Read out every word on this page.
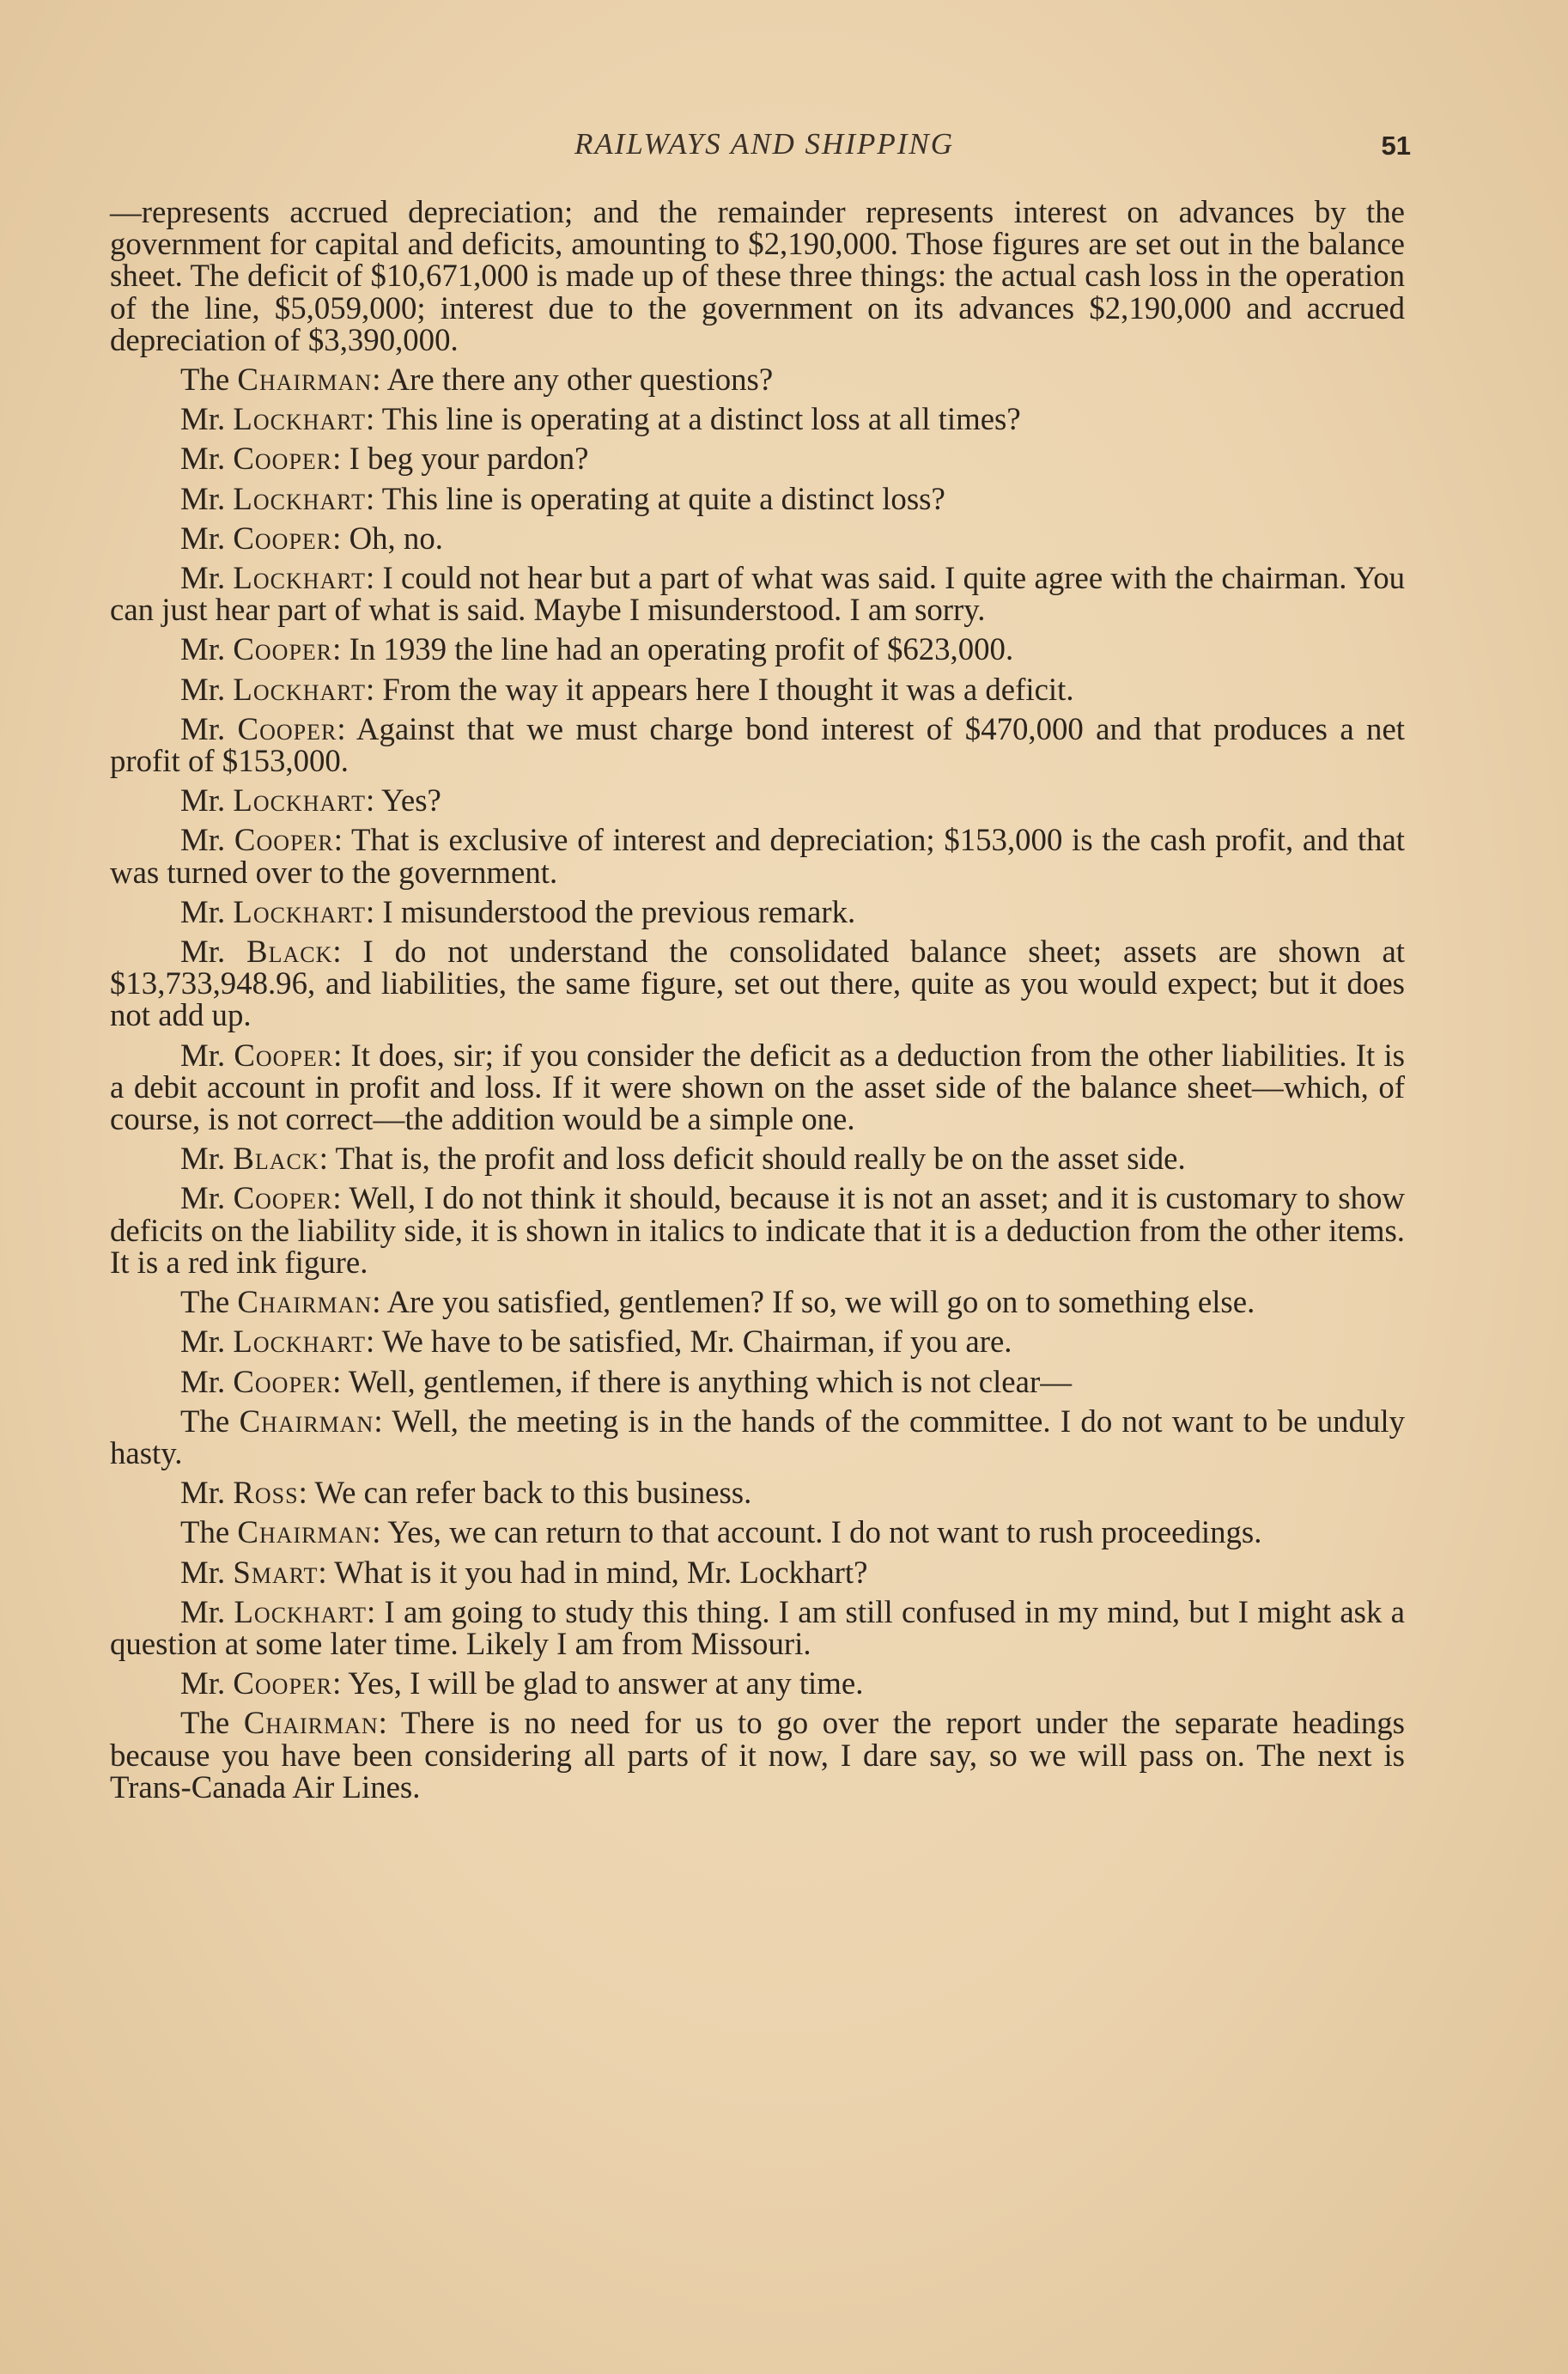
RAILWAYS AND SHIPPING	51

—represents accrued depreciation; and the remainder represents interest on advances by the government for capital and deficits, amounting to $2,190,000. Those figures are set out in the balance sheet. The deficit of $10,671,000 is made up of these three things: the actual cash loss in the operation of the line, $5,059,000; interest due to the government on its advances $2,190,000 and accrued depreciation of $3,390,000.

The Chairman: Are there any other questions?

Mr. Lockhart: This line is operating at a distinct loss at all times?

Mr. Cooper: I beg your pardon?

Mr. Lockhart: This line is operating at quite a distinct loss?

Mr. Cooper: Oh, no.

Mr. Lockhart: I could not hear but a part of what was said. I quite agree with the chairman. You can just hear part of what is said. Maybe I misunderstood. I am sorry.

Mr. Cooper: In 1939 the line had an operating profit of $623,000.

Mr. Lockhart: From the way it appears here I thought it was a deficit.

Mr. Cooper: Against that we must charge bond interest of $470,000 and that produces a net profit of $153,000.

Mr. Lockhart: Yes?

Mr. Cooper: That is exclusive of interest and depreciation; $153,000 is the cash profit, and that was turned over to the government.

Mr. Lockhart: I misunderstood the previous remark.

Mr. Black: I do not understand the consolidated balance sheet; assets are shown at $13,733,948.96, and liabilities, the same figure, set out there, quite as you would expect; but it does not add up.

Mr. Cooper: It does, sir; if you consider the deficit as a deduction from the other liabilities. It is a debit account in profit and loss. If it were shown on the asset side of the balance sheet—which, of course, is not correct—the addition would be a simple one.

Mr. Black: That is, the profit and loss deficit should really be on the asset side.

Mr. Cooper: Well, I do not think it should, because it is not an asset; and it is customary to show deficits on the liability side, it is shown in italics to indicate that it is a deduction from the other items. It is a red ink figure.

The Chairman: Are you satisfied, gentlemen? If so, we will go on to something else.

Mr. Lockhart: We have to be satisfied, Mr. Chairman, if you are.

Mr. Cooper: Well, gentlemen, if there is anything which is not clear—

The Chairman: Well, the meeting is in the hands of the committee. I do not want to be unduly hasty.

Mr. Ross: We can refer back to this business.

The Chairman: Yes, we can return to that account. I do not want to rush proceedings.

Mr. Smart: What is it you had in mind, Mr. Lockhart?

Mr. Lockhart: I am going to study this thing. I am still confused in my mind, but I might ask a question at some later time. Likely I am from Missouri.

Mr. Cooper: Yes, I will be glad to answer at any time.

The Chairman: There is no need for us to go over the report under the separate headings because you have been considering all parts of it now, I dare say, so we will pass on. The next is Trans-Canada Air Lines.
